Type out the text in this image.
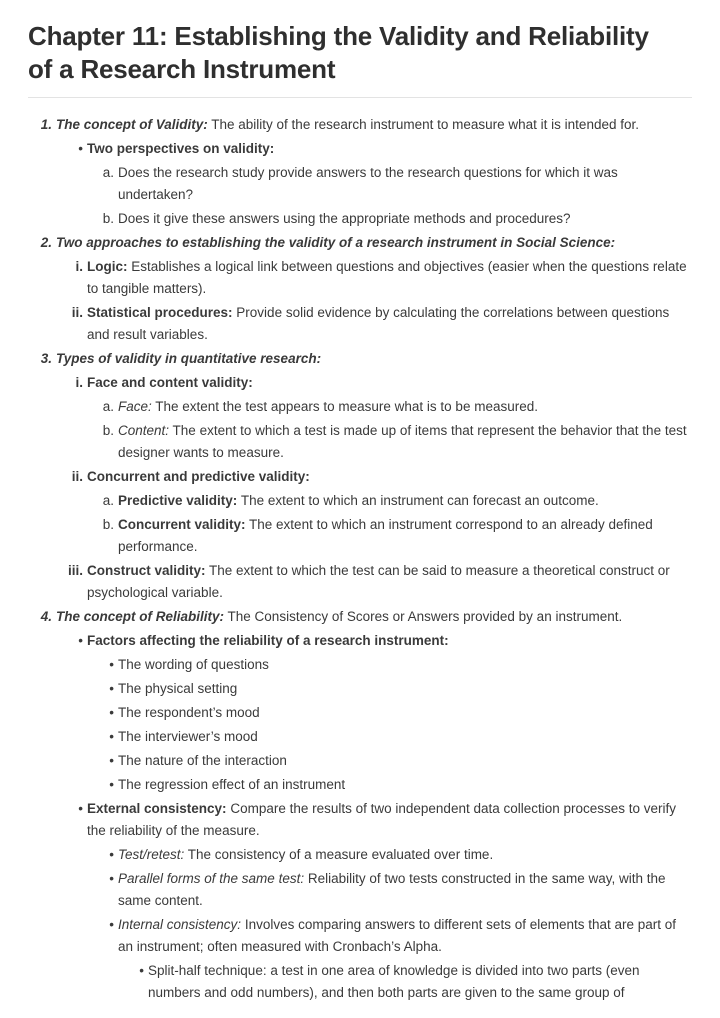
Chapter 11: Establishing the Validity and Reliability
of a Research Instrument
1. The concept of Validity: The ability of the research instrument to measure what it is intended for.
• Two perspectives on validity:
a. Does the research study provide answers to the research questions for which it was undertaken?
b. Does it give these answers using the appropriate methods and procedures?
2. Two approaches to establishing the validity of a research instrument in Social Science:
i. Logic: Establishes a logical link between questions and objectives (easier when the questions relate to tangible matters).
ii. Statistical procedures: Provide solid evidence by calculating the correlations between questions and result variables.
3. Types of validity in quantitative research:
i. Face and content validity:
a. Face: The extent the test appears to measure what is to be measured.
b. Content: The extent to which a test is made up of items that represent the behavior that the test designer wants to measure.
ii. Concurrent and predictive validity:
a. Predictive validity: The extent to which an instrument can forecast an outcome.
b. Concurrent validity: The extent to which an instrument correspond to an already defined performance.
iii. Construct validity: The extent to which the test can be said to measure a theoretical construct or psychological variable.
4. The concept of Reliability: The Consistency of Scores or Answers provided by an instrument.
• Factors affecting the reliability of a research instrument:
• The wording of questions
• The physical setting
• The respondent’s mood
• The interviewer’s mood
• The nature of the interaction
• The regression effect of an instrument
• External consistency: Compare the results of two independent data collection processes to verify the reliability of the measure.
• Test/retest: The consistency of a measure evaluated over time.
• Parallel forms of the same test: Reliability of two tests constructed in the same way, with the same content.
• Internal consistency: Involves comparing answers to different sets of elements that are part of an instrument; often measured with Cronbach’s Alpha.
• Split-half technique: a test in one area of knowledge is divided into two parts (even numbers and odd numbers), and then both parts are given to the same group of
